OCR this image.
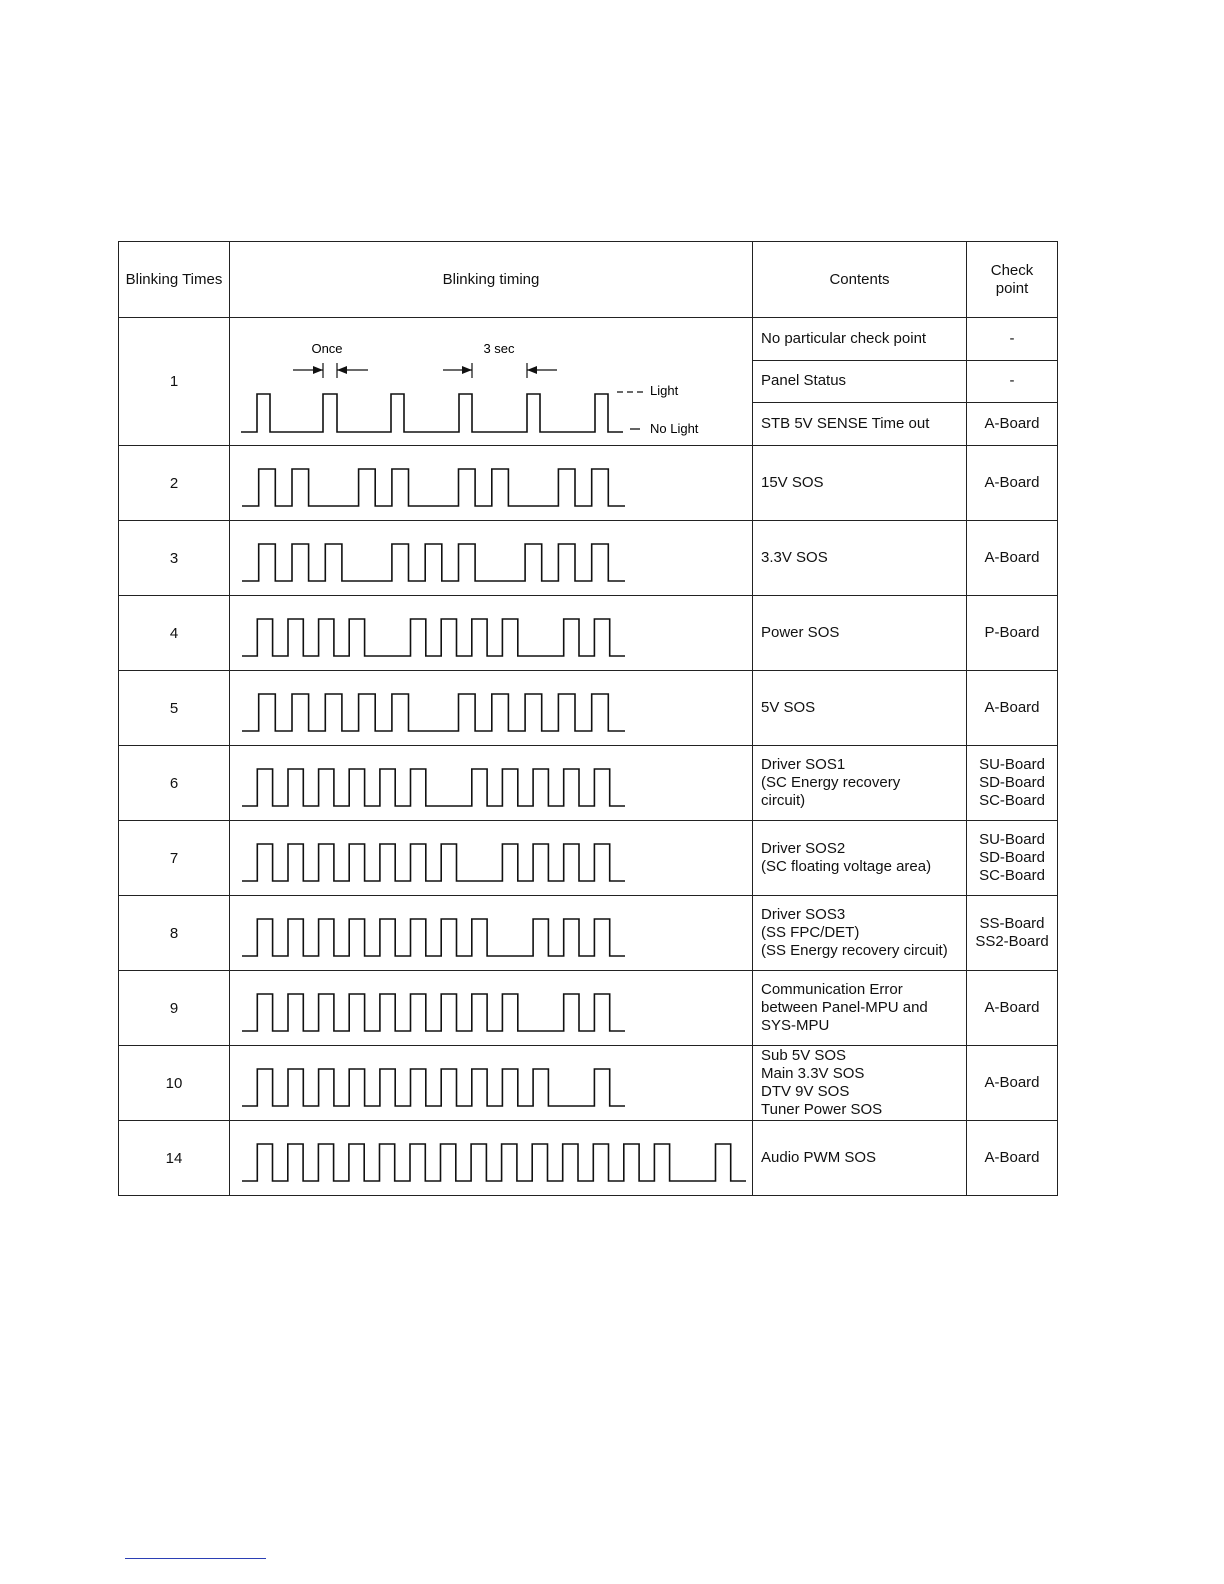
Blinking Times	Blinking timing	Contents	Check
point
1	Once 3 sec
Light
No Light	No particular check point	-
		Panel Status	-
		STB 5V SENSE Time out	A-Board
2		15V SOS	A-Board
3		3.3V SOS	A-Board
4		Power SOS	P-Board
5		5V SOS	A-Board
6		Driver SOS1
(SC Energy recovery
circuit)	SU-Board
SD-Board
SC-Board
7		Driver SOS2
(SC floating voltage area)	SU-Board
SD-Board
SC-Board
8		Driver SOS3
(SS FPC/DET)
(SS Energy recovery circuit)	SS-Board
SS2-Board
9		Communication Error
between Panel-MPU and
SYS-MPU	A-Board
10		Sub 5V SOS
Main 3.3V SOS
DTV 9V SOS
Tuner Power SOS	A-Board
14		Audio PWM SOS	A-Board
